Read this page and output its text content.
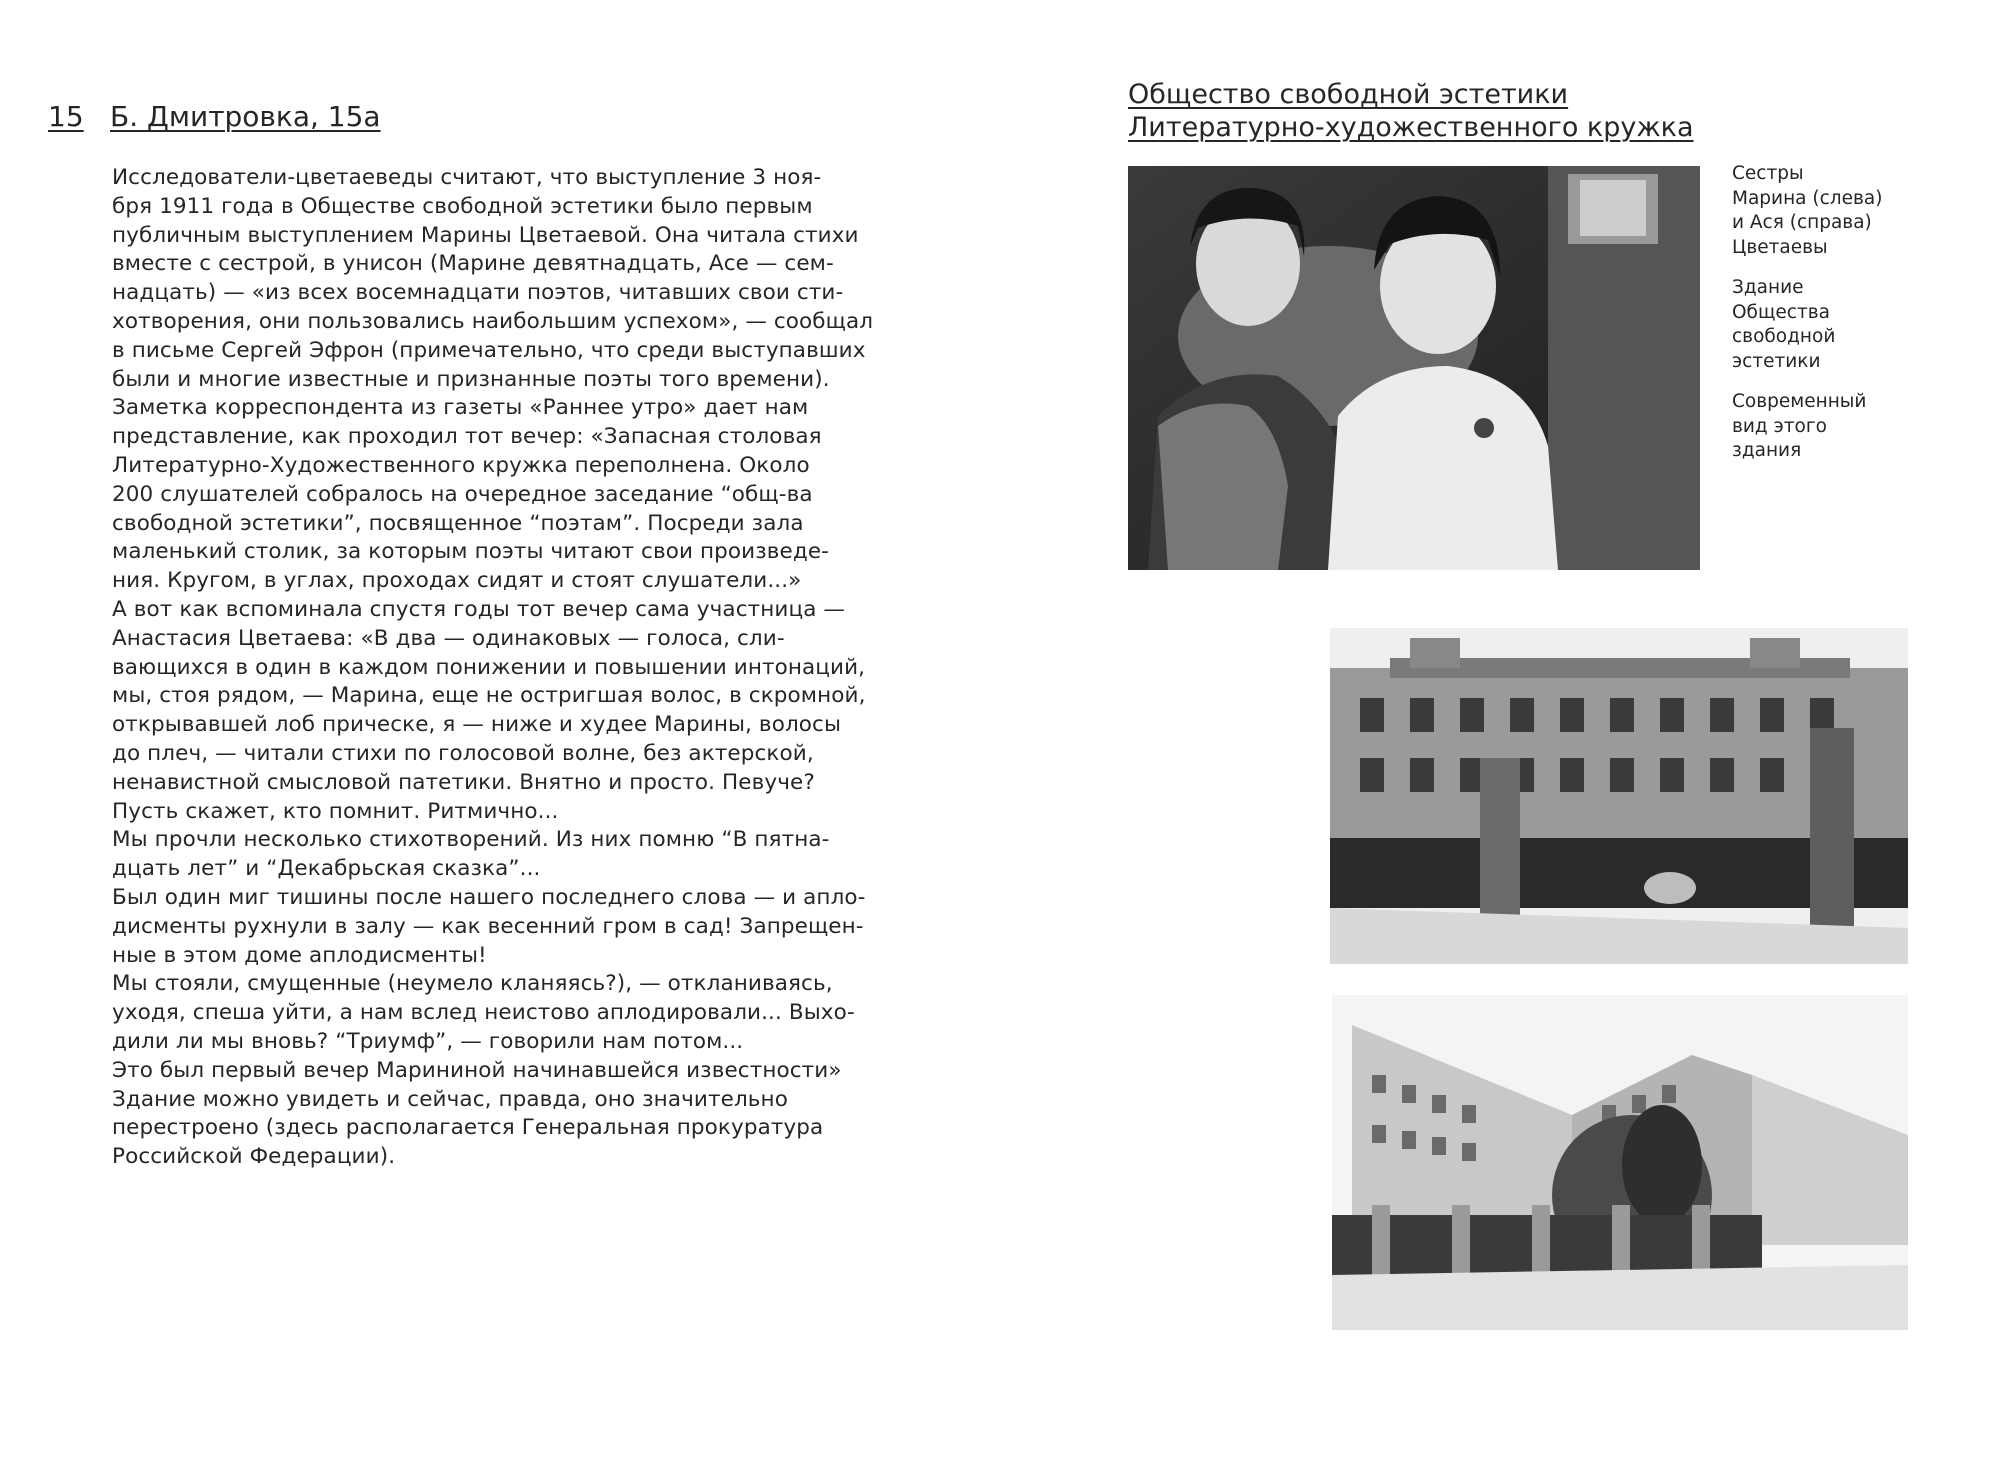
15 Б. Дмитровка, 15а
Исследователи-цветаеведы считают, что выступление 3 ноя-
бря 1911 года в Обществе свободной эстетики было первым
публичным выступлением Марины Цветаевой. Она читала стихи
вместе с сестрой, в унисон (Марине девятнадцать, Асе — сем-
надцать) — «из всех восемнадцати поэтов, читавших свои сти-
хотворения, они пользовались наибольшим успехом», — сообщал
в письме Сергей Эфрон (примечательно, что среди выступавших
были и многие известные и признанные поэты того времени).
Заметка корреспондента из газеты «Раннее утро» дает нам
представление, как проходил тот вечер: «Запасная столовая
Литературно-Художественного кружка переполнена. Около
200 слушателей собралось на очередное заседание “общ-ва
свободной эстетики”, посвященное “поэтам”. Посреди зала
маленький столик, за которым поэты читают свои произведе-
ния. Кругом, в углах, проходах сидят и стоят слушатели...»
А вот как вспоминала спустя годы тот вечер сама участница —
Анастасия Цветаева: «В два — одинаковых — голоса, сли-
вающихся в один в каждом понижении и повышении интонаций,
мы, стоя рядом, — Марина, еще не остригшая волос, в скромной,
открывавшей лоб прическе, я — ниже и худее Марины, волосы
до плеч, — читали стихи по голосовой волне, без актерской,
ненавистной смысловой патетики. Внятно и просто. Певуче?
Пусть скажет, кто помнит. Ритмично...
Мы прочли несколько стихотворений. Из них помню “В пятна-
дцать лет” и “Декабрьская сказка”...
Был один миг тишины после нашего последнего слова — и апло-
дисменты рухнули в залу — как весенний гром в сад! Запрещен-
ные в этом доме аплодисменты!
Мы стояли, смущенные (неумело кланяясь?), — откланиваясь,
уходя, спеша уйти, а нам вслед неистово аплодировали... Выхо-
дили ли мы вновь? “Триумф”, — говорили нам потом...
Это был первый вечер Марининой начинавшейся известности»
Здание можно увидеть и сейчас, правда, оно значительно
перестроено (здесь располагается Генеральная прокуратура
Российской Федерации).
Общество свободной эстетики
Литературно-художественного кружка
Сестры
Марина (слева)
и Ася (справа)
Цветаевы
Здание
Общества
свободной
эстетики
Современный
вид этого
здания
